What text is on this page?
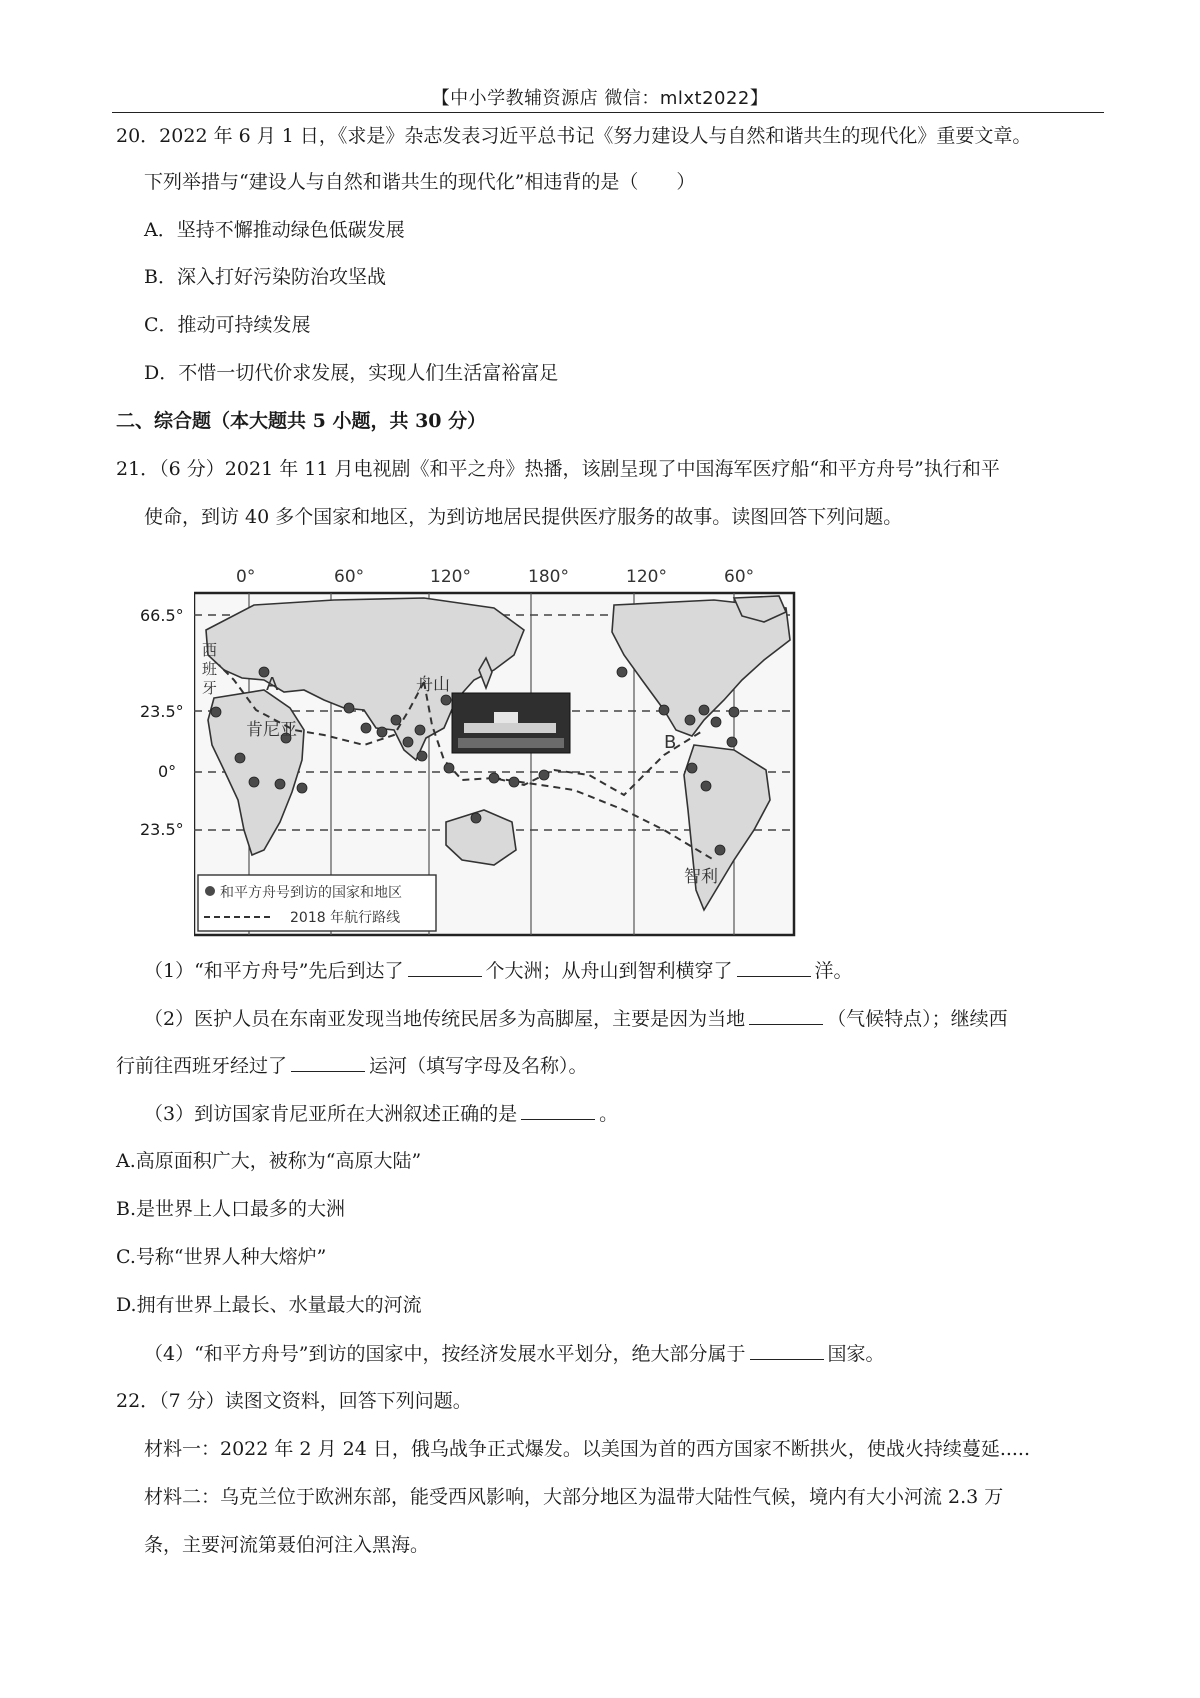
【中小学教辅资源店 微信：mlxt2022】
20．2022 年 6 月 1 日，《求是》杂志发表习近平总书记《努力建设人与自然和谐共生的现代化》重要文章。
下列举措与“建设人与自然和谐共生的现代化”相违背的是（　　）
A．坚持不懈推动绿色低碳发展
B．深入打好污染防治攻坚战
C．推动可持续发展
D．不惜一切代价求发展，实现人们生活富裕富足
二、综合题（本大题共 5 小题，共 30 分）
21．（6 分）2021 年 11 月电视剧《和平之舟》热播，该剧呈现了中国海军医疗船“和平方舟号”执行和平
使命，到访 40 多个国家和地区，为到访地居民提供医疗服务的故事。读图回答下列问题。
0°	60°	120°	180°	120°	60°
西
班
牙	A	舟山
肯尼亚
B
智利
和平方舟号到访的国家和地区
2018 年航行路线
66.5°
23.5°
0°
23.5°
（1）“和平方舟号”先后到达了	个大洲；从舟山到智利横穿了	洋。
（2）医护人员在东南亚发现当地传统民居多为高脚屋，主要是因为当地	（气候特点）；继续西
行前往西班牙经过了	运河（填写字母及名称）。
（3）到访国家肯尼亚所在大洲叙述正确的是	。
A.高原面积广大，被称为“高原大陆”
B.是世界上人口最多的大洲
C.号称“世界人种大熔炉”
D.拥有世界上最长、水量最大的河流
（4）“和平方舟号”到访的国家中，按经济发展水平划分，绝大部分属于	国家。
22．（7 分）读图文资料，回答下列问题。
材料一：2022 年 2 月 24 日，俄乌战争正式爆发。以美国为首的西方国家不断拱火，使战火持续蔓延.....
材料二：乌克兰位于欧洲东部，能受西风影响，大部分地区为温带大陆性气候，境内有大小河流 2.3 万
条，主要河流第聂伯河注入黑海。
